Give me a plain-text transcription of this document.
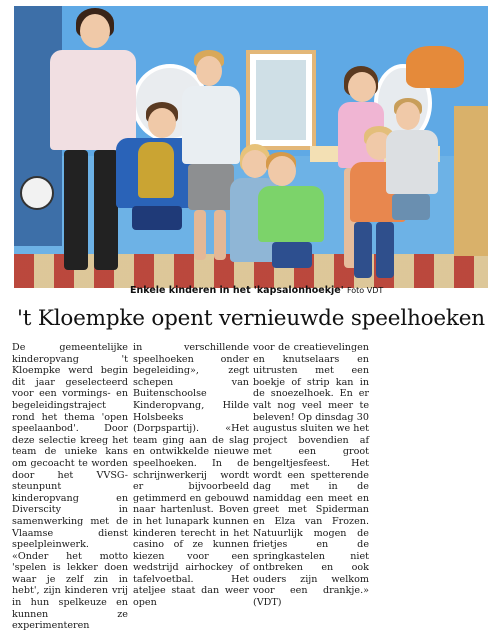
Enkele kinderen in het 'kapsalonhoekje' Foto VDT
't Kloempke opent vernieuwde speelhoeken

De gemeentelijke kinderopvang 't Kloempke werd begin dit jaar geselecteerd voor een vormings- en begeleidingstraject rond het thema 'open speelaanbod'. Door deze selectie kreeg het team de unieke kans om gecoacht te worden door het VVSG-steunpunt kinderopvang en Diverscity in samenwerking met de Vlaamse dienst speelpleinwerk. «Onder het motto 'spelen is lekker doen waar je zelf zin in hebt', zijn kinderen vrij in hun spelkeuze en kunnen ze experimenteren

in verschillende speelhoeken onder begeleiding», zegt schepen van Buitenschoolse Kinderopvang, Hilde Holsbeeks (Dorpspartij). «Het team ging aan de slag en ontwikkelde nieuwe speelhoeken. In de schrijnwerkerij wordt er bijvoorbeeld getimmerd en gebouwd naar hartenlust. Boven in het lunapark kunnen kinderen terecht in het casino of ze kunnen kiezen voor een wedstrijd airhockey of tafelvoetbal. Het ateljee staat dan weer open

voor de creatievelingen en knutselaars en uitrusten met een boekje of strip kan in de snoezelhoek. En er valt nog veel meer te beleven! Op dinsdag 30 augustus sluiten we het project bovendien af met een groot bengeltjesfeest. Het wordt een spetterende dag met in de namiddag een meet en greet met Spiderman en Elza van Frozen. Natuurlijk mogen de frietjes en de springkastelen niet ontbreken en ook ouders zijn welkom voor een drankje.» (VDT)
